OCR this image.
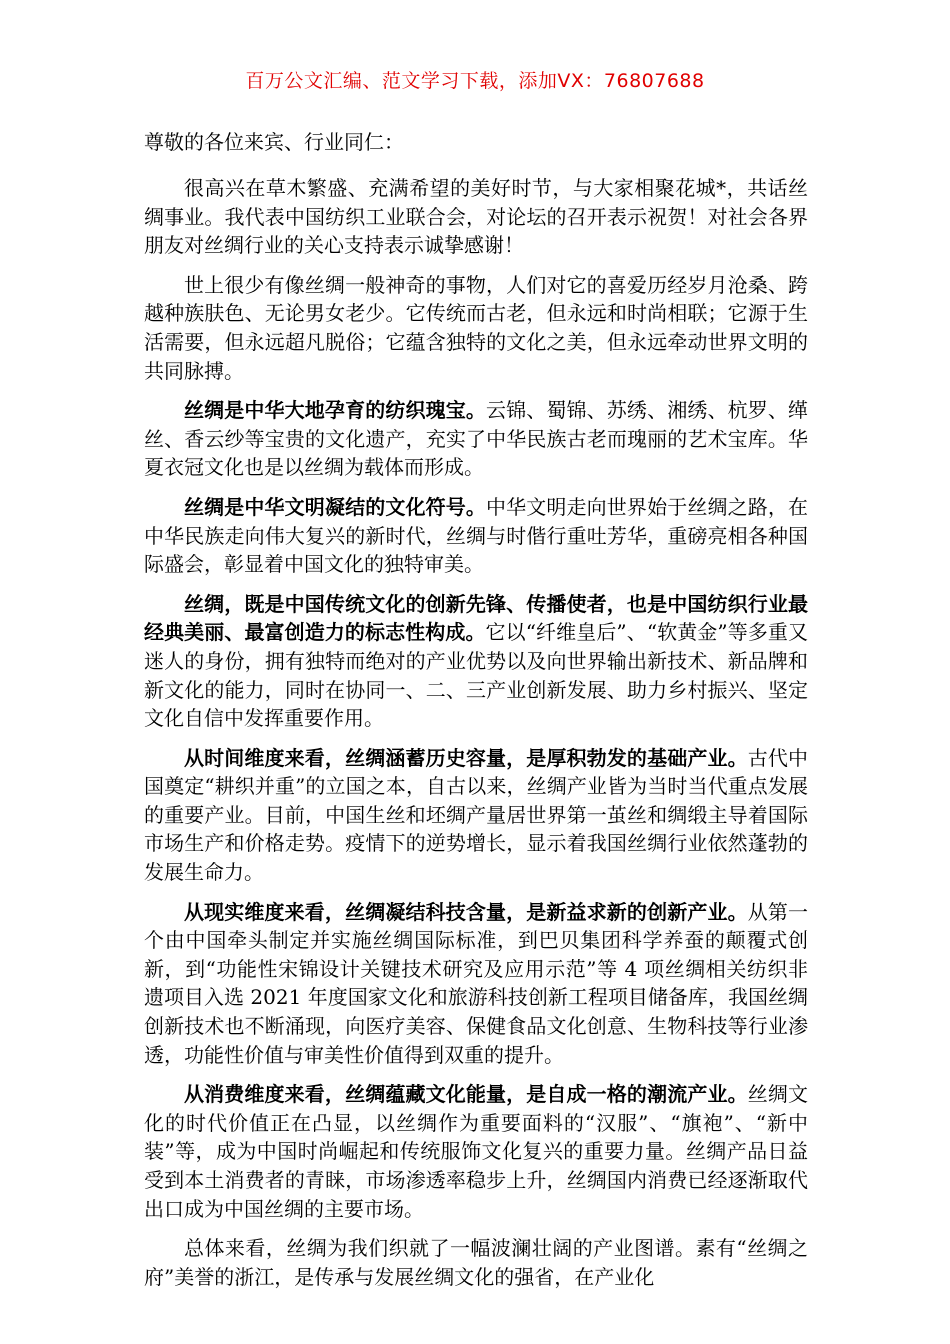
百万公文汇编、范文学习下载，添加VX：76807688
尊敬的各位来宾、行业同仁：

很高兴在草木繁盛、充满希望的美好时节，与大家相聚花城*，共话丝绸事业。我代表中国纺织工业联合会，对论坛的召开表示祝贺！对社会各界朋友对丝绸行业的关心支持表示诚挚感谢！

世上很少有像丝绸一般神奇的事物，人们对它的喜爱历经岁月沧桑、跨越种族肤色、无论男女老少。它传统而古老，但永远和时尚相联；它源于生活需要，但永远超凡脱俗；它蕴含独特的文化之美，但永远牵动世界文明的共同脉搏。

丝绸是中华大地孕育的纺织瑰宝。云锦、蜀锦、苏绣、湘绣、杭罗、缂丝、香云纱等宝贵的文化遗产，充实了中华民族古老而瑰丽的艺术宝库。华夏衣冠文化也是以丝绸为载体而形成。

丝绸是中华文明凝结的文化符号。中华文明走向世界始于丝绸之路，在中华民族走向伟大复兴的新时代，丝绸与时偕行重吐芳华，重磅亮相各种国际盛会，彰显着中国文化的独特审美。

丝绸，既是中国传统文化的创新先锋、传播使者，也是中国纺织行业最经典美丽、最富创造力的标志性构成。它以“纤维皇后”、“软黄金”等多重又迷人的身份，拥有独特而绝对的产业优势以及向世界输出新技术、新品牌和新文化的能力，同时在协同一、二、三产业创新发展、助力乡村振兴、坚定文化自信中发挥重要作用。

从时间维度来看，丝绸涵蓄历史容量，是厚积勃发的基础产业。古代中国奠定“耕织并重”的立国之本，自古以来，丝绸产业皆为当时当代重点发展的重要产业。目前，中国生丝和坯绸产量居世界第一茧丝和绸缎主导着国际市场生产和价格走势。疫情下的逆势增长，显示着我国丝绸行业依然蓬勃的发展生命力。

从现实维度来看，丝绸凝结科技含量，是新益求新的创新产业。从第一个由中国牵头制定并实施丝绸国际标准，到巴贝集团科学养蚕的颠覆式创新，到“功能性宋锦设计关键技术研究及应用示范”等 4 项丝绸相关纺织非遗项目入选 2021 年度国家文化和旅游科技创新工程项目储备库，我国丝绸创新技术也不断涌现，向医疗美容、保健食品文化创意、生物科技等行业渗透，功能性价值与审美性价值得到双重的提升。

从消费维度来看，丝绸蕴藏文化能量，是自成一格的潮流产业。丝绸文化的时代价值正在凸显，以丝绸作为重要面料的“汉服”、“旗袍”、“新中装”等，成为中国时尚崛起和传统服饰文化复兴的重要力量。丝绸产品日益受到本土消费者的青睐，市场渗透率稳步上升，丝绸国内消费已经逐渐取代出口成为中国丝绸的主要市场。

总体来看，丝绸为我们织就了一幅波澜壮阔的产业图谱。素有“丝绸之府”美誉的浙江，是传承与发展丝绸文化的强省，在产业化
